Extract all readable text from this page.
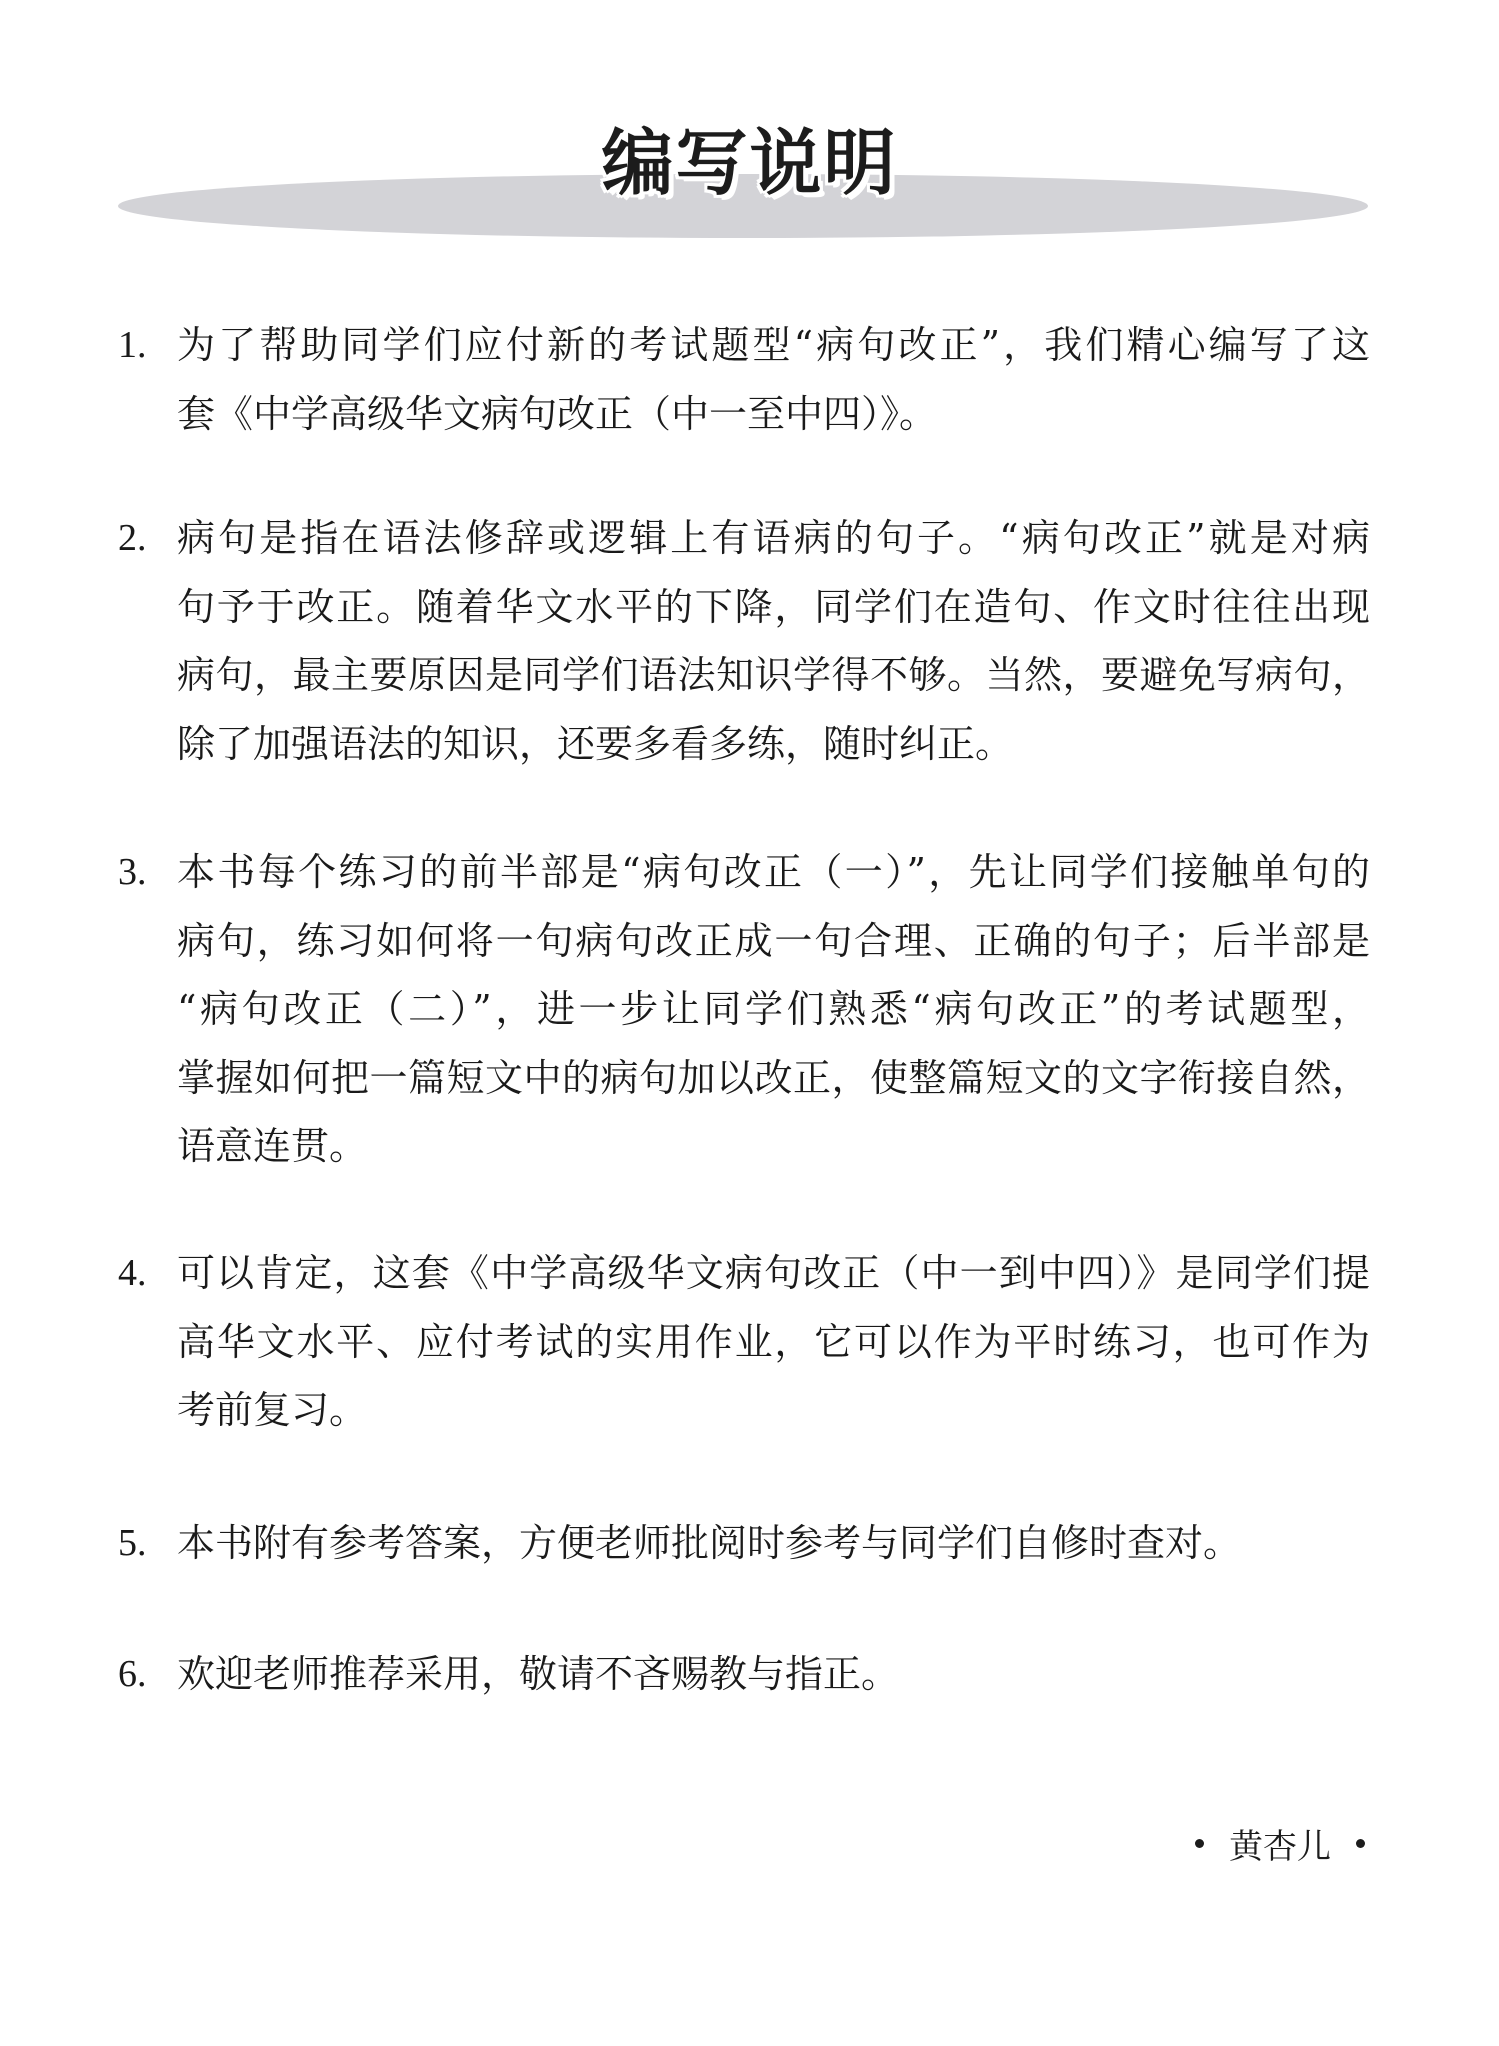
编写说明
1. 为了帮助同学们应付新的考试题型“病句改正”，我们精心编写了这
套《中学高级华文病句改正（中一至中四）》。
2. 病句是指在语法修辞或逻辑上有语病的句子。“病句改正”就是对病
句予于改正。随着华文水平的下降，同学们在造句、作文时往往出现
病句，最主要原因是同学们语法知识学得不够。当然，要避免写病句，
除了加强语法的知识，还要多看多练，随时纠正。
3. 本书每个练习的前半部是“病句改正（一）”，先让同学们接触单句的
病句，练习如何将一句病句改正成一句合理、正确的句子；后半部是
“病句改正（二）”，进一步让同学们熟悉“病句改正”的考试题型，
掌握如何把一篇短文中的病句加以改正，使整篇短文的文字衔接自然，
语意连贯。
4. 可以肯定，这套《中学高级华文病句改正（中一到中四）》是同学们提
高华文水平、应付考试的实用作业，它可以作为平时练习，也可作为
考前复习。
5. 本书附有参考答案，方便老师批阅时参考与同学们自修时查对。
6. 欢迎老师推荐采用，敬请不吝赐教与指正。
黄杏儿
